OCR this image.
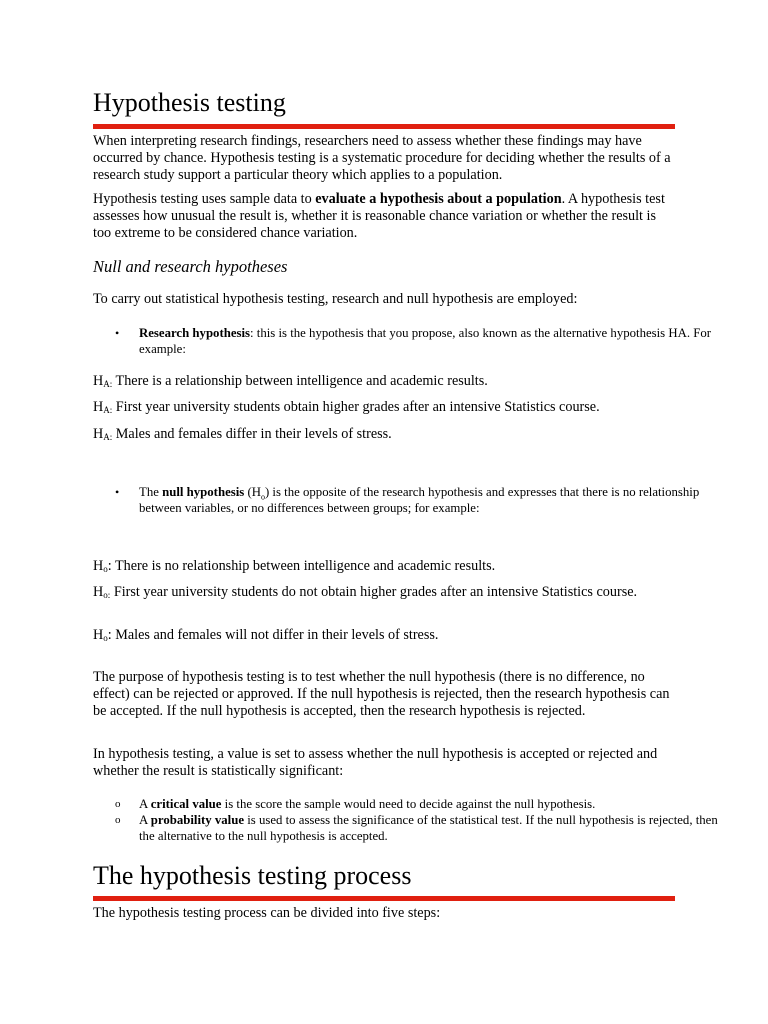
Hypothesis testing

When interpreting research findings, researchers need to assess whether these findings may have occurred by chance. Hypothesis testing is a systematic procedure for deciding whether the results of a research study support a particular theory which applies to a population.

Hypothesis testing uses sample data to evaluate a hypothesis about a population. A hypothesis test assesses how unusual the result is, whether it is reasonable chance variation or whether the result is too extreme to be considered chance variation.

Null and research hypotheses

To carry out statistical hypothesis testing, research and null hypothesis are employed:

• Research hypothesis: this is the hypothesis that you propose, also known as the alternative hypothesis HA. For example:

$H_{A:}$ There is a relationship between intelligence and academic results.

$H_{A:}$ First year university students obtain higher grades after an intensive Statistics course.

$H_{A:}$ Males and females differ in their levels of stress.

• The null hypothesis $(H_o)$ is the opposite of the research hypothesis and expresses that there is no relationship between variables, or no differences between groups; for example:

$H_o$: There is no relationship between intelligence and academic results.

$H_{o:}$ First year university students do not obtain higher grades after an intensive Statistics course.

$H_o$: Males and females will not differ in their levels of stress.

The purpose of hypothesis testing is to test whether the null hypothesis (there is no difference, no effect) can be rejected or approved. If the null hypothesis is rejected, then the research hypothesis can be accepted. If the null hypothesis is accepted, then the research hypothesis is rejected.

In hypothesis testing, a value is set to assess whether the null hypothesis is accepted or rejected and whether the result is statistically significant:

o A critical value is the score the sample would need to decide against the null hypothesis.
o A probability value is used to assess the significance of the statistical test. If the null hypothesis is rejected, then the alternative to the null hypothesis is accepted.
The hypothesis testing process

The hypothesis testing process can be divided into five steps:
